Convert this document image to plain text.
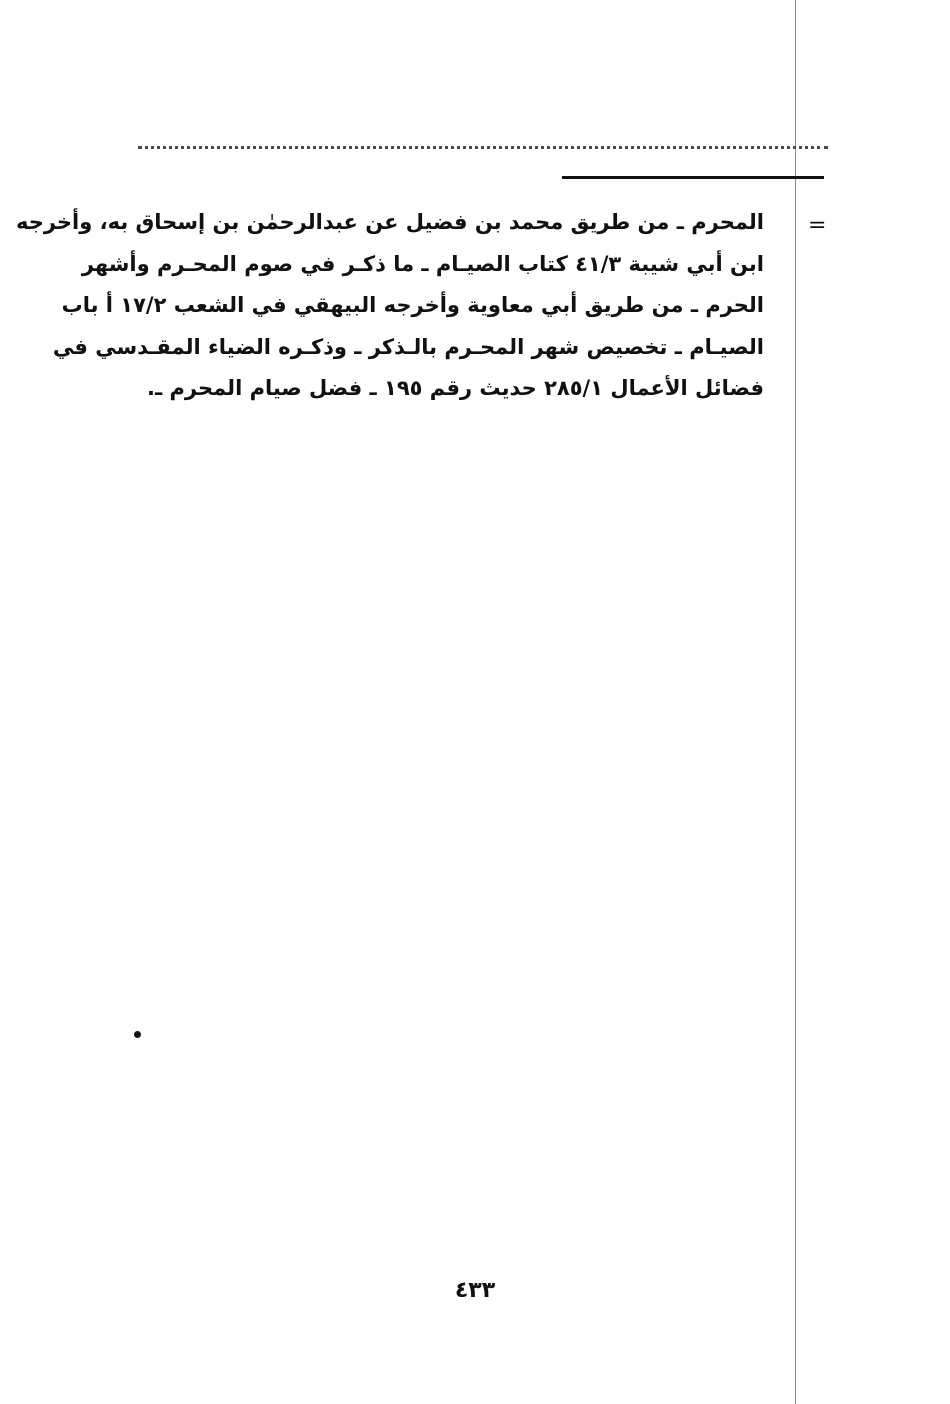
=
المحرم ـ من طريق محمد بن فضيل عن عبدالرحمٰن بن إسحاق به، وأخرجه
ابن أبي شيبة ٤١/٣ كتاب الصيـام ـ ما ذكـر في صوم المحـرم وأشهر
الحرم ـ من طريق أبي معاوية وأخرجه البيهقي في الشعب ١٧/٢ أ باب
الصيـام ـ تخصيص شهر المحـرم بالـذكر ـ وذكـره الضياء المقـدسي في
فضائل الأعمال ٢٨٥/١ حديث رقم ١٩٥ ـ فضل صيام المحرم ـ.
٤٣٣
